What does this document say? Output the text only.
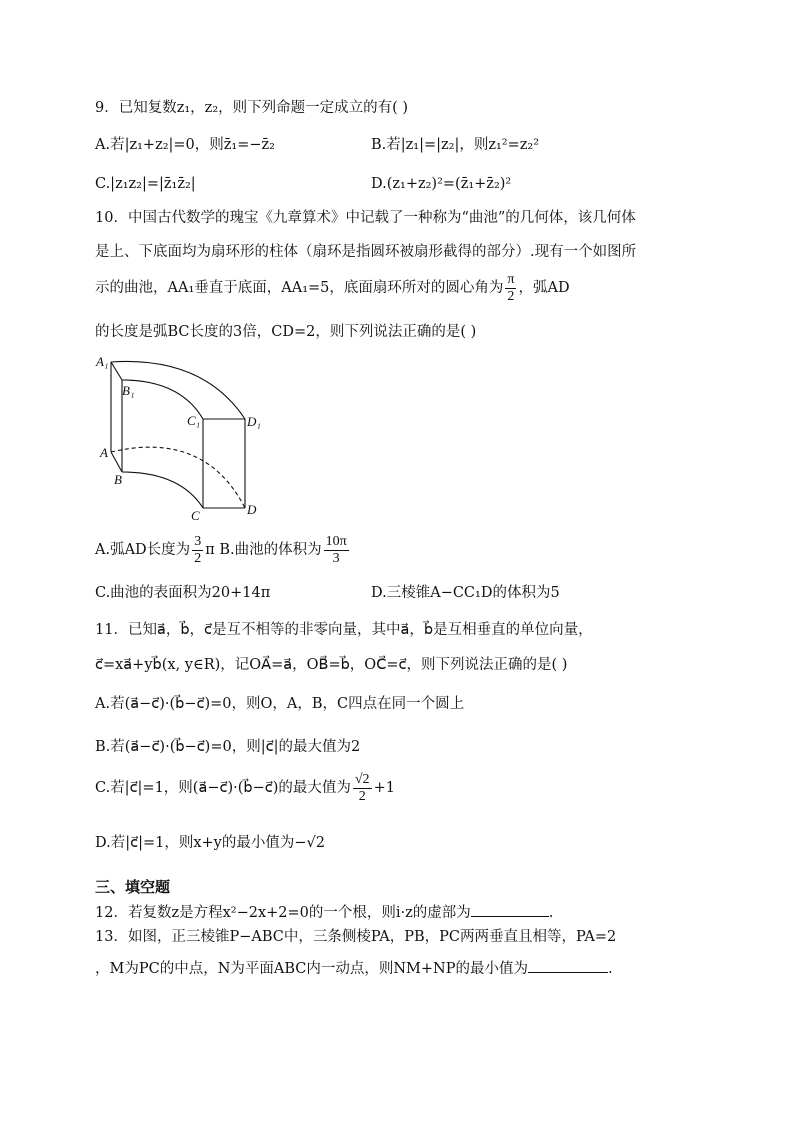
9．已知复数z₁，z₂，则下列命题一定成立的有( )
A.若|z₁+z₂|=0，则z̄₁=−z̄₂	B.若|z₁|=|z₂|，则z₁²=z₂²
C.|z₁z₂|=|z̄₁z̄₂|	D.(z₁+z₂)²=(z̄₁+z̄₂)²
10．中国古代数学的瑰宝《九章算术》中记载了一种称为“曲池”的几何体，该几何体
是上、下底面均为扇环形的柱体（扇环是指圆环被扇形截得的部分）.现有一个如图所
示的曲池，AA₁垂直于底面，AA₁=5，底面扇环所对的圆心角为 $\frac{\pi}{2}$ ，弧AD
的长度是弧BC长度的3倍，CD=2，则下列说法正确的是( )
A₁
B₁
C₁	D₁
A
B
C	D
A.弧AD长度为 $\frac{3}{2}$ π B.曲池的体积为 $\frac{10\pi}{3}$
C.曲池的表面积为20+14π	D.三棱锥A−CC₁D的体积为5
11．已知a⃗，b⃗，c⃗是互不相等的非零向量，其中a⃗，b⃗是互相垂直的单位向量，
c⃗=xa⃗+yb⃗(x, y∈R)，记OA⃗=a⃗，OB⃗=b⃗，OC⃗=c⃗，则下列说法正确的是( )
A.若(a⃗−c⃗)·(b⃗−c⃗)=0，则O，A，B，C四点在同一个圆上
B.若(a⃗−c⃗)·(b⃗−c⃗)=0，则|c⃗|的最大值为2
C.若|c⃗|=1，则(a⃗−c⃗)·(b⃗−c⃗)的最大值为 $\frac{√2}{2} +1$
D.若|c⃗|=1，则x+y的最小值为−√2
三、填空题
12．若复数z是方程x²−2x+2=0的一个根，则i·z的虚部为	.
13．如图，正三棱锥P−ABC中，三条侧棱PA，PB，PC两两垂直且相等，PA=2
，M为PC的中点，N为平面ABC内一动点，则NM+NP的最小值为	.
